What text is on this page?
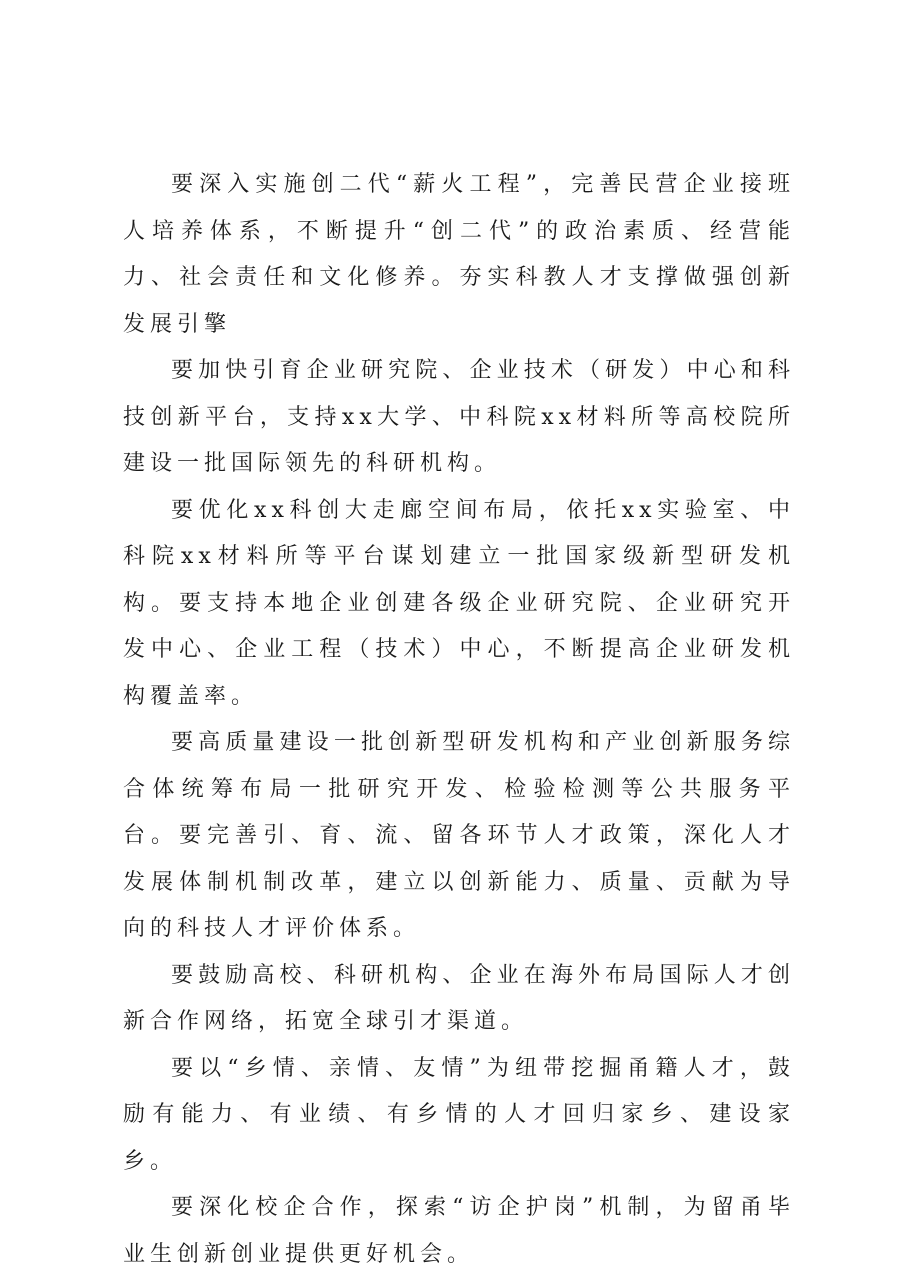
要深入实施创二代“薪火工程”，完善民营企业接班人培养体系，不断提升“创二代”的政治素质、经营能力、社会责任和文化修养。夯实科教人才支撑做强创新发展引擎

要加快引育企业研究院、企业技术（研发）中心和科技创新平台，支持xx大学、中科院xx材料所等高校院所建设一批国际领先的科研机构。

要优化xx科创大走廊空间布局，依托xx实验室、中科院xx材料所等平台谋划建立一批国家级新型研发机构。要支持本地企业创建各级企业研究院、企业研究开发中心、企业工程（技术）中心，不断提高企业研发机构覆盖率。

要高质量建设一批创新型研发机构和产业创新服务综合体统筹布局一批研究开发、检验检测等公共服务平台。要完善引、育、流、留各环节人才政策，深化人才发展体制机制改革，建立以创新能力、质量、贡献为导向的科技人才评价体系。

要鼓励高校、科研机构、企业在海外布局国际人才创新合作网络，拓宽全球引才渠道。

要以“乡情、亲情、友情”为纽带挖掘甬籍人才，鼓励有能力、有业绩、有乡情的人才回归家乡、建设家乡。

要深化校企合作，探索“访企护岗”机制，为留甬毕业生创新创业提供更好机会。
